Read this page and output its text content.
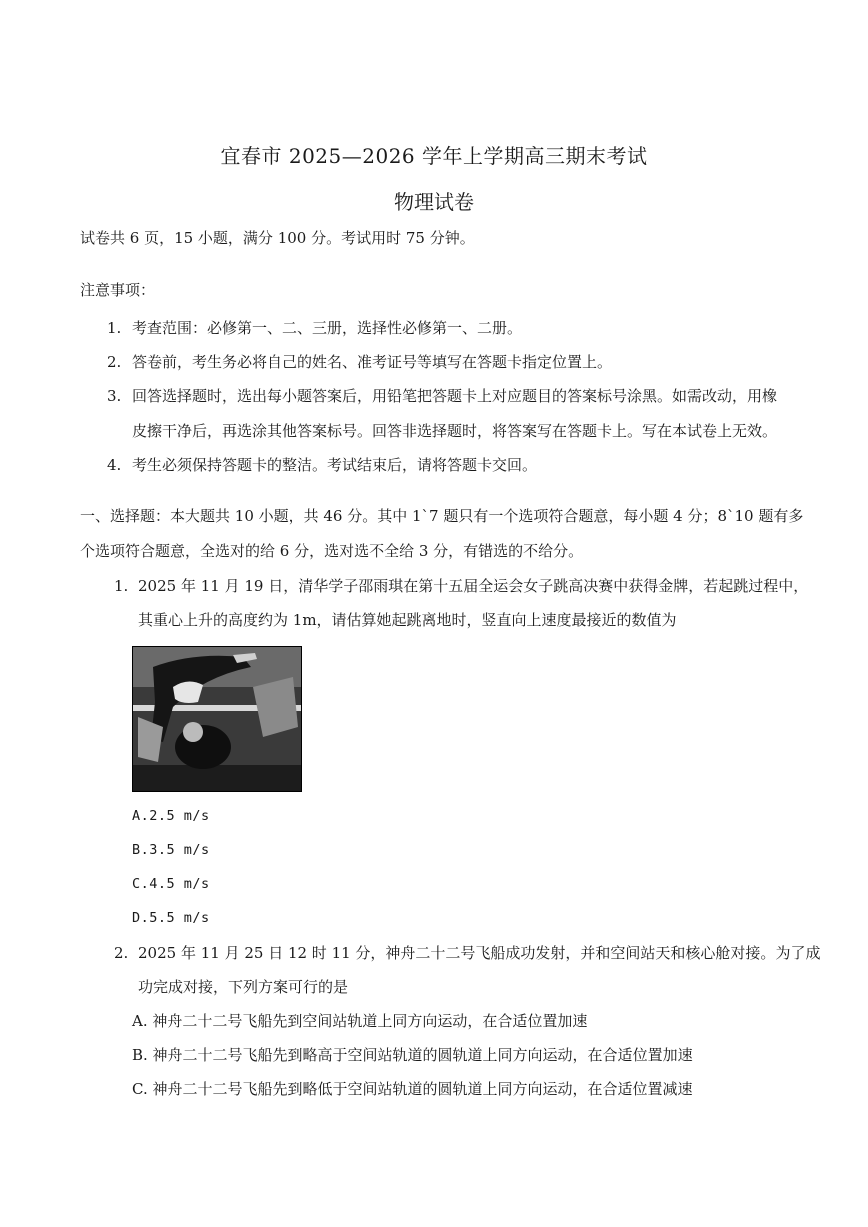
宜春市 2025—2026 学年上学期高三期末考试
物理试卷
试卷共 6 页，15 小题，满分 100 分。考试用时 75 分钟。
注意事项：
1. 考查范围：必修第一、二、三册，选择性必修第一、二册。
2. 答卷前，考生务必将自己的姓名、准考证号等填写在答题卡指定位置上。
3. 回答选择题时，选出每小题答案后，用铅笔把答题卡上对应题目的答案标号涂黑。如需改动，用橡
皮擦干净后，再选涂其他答案标号。回答非选择题时，将答案写在答题卡上。写在本试卷上无效。
4. 考生必须保持答题卡的整洁。考试结束后，请将答题卡交回。
一、选择题：本大题共 10 小题，共 46 分。其中 1`7 题只有一个选项符合题意，每小题 4 分；8`10 题有多
个选项符合题意，全选对的给 6 分，选对选不全给 3 分，有错选的不给分。
1. 2025 年 11 月 19 日，清华学子邵雨琪在第十五届全运会女子跳高决赛中获得金牌，若起跳过程中，
其重心上升的高度约为 1m，请估算她起跳离地时，竖直向上速度最接近的数值为
A.2.5 m/s
B.3.5 m/s
C.4.5 m/s
D.5.5 m/s
2. 2025 年 11 月 25 日 12 时 11 分，神舟二十二号飞船成功发射，并和空间站天和核心舱对接。为了成
功完成对接，下列方案可行的是
A. 神舟二十二号飞船先到空间站轨道上同方向运动，在合适位置加速
B. 神舟二十二号飞船先到略高于空间站轨道的圆轨道上同方向运动，在合适位置加速
C. 神舟二十二号飞船先到略低于空间站轨道的圆轨道上同方向运动，在合适位置减速
